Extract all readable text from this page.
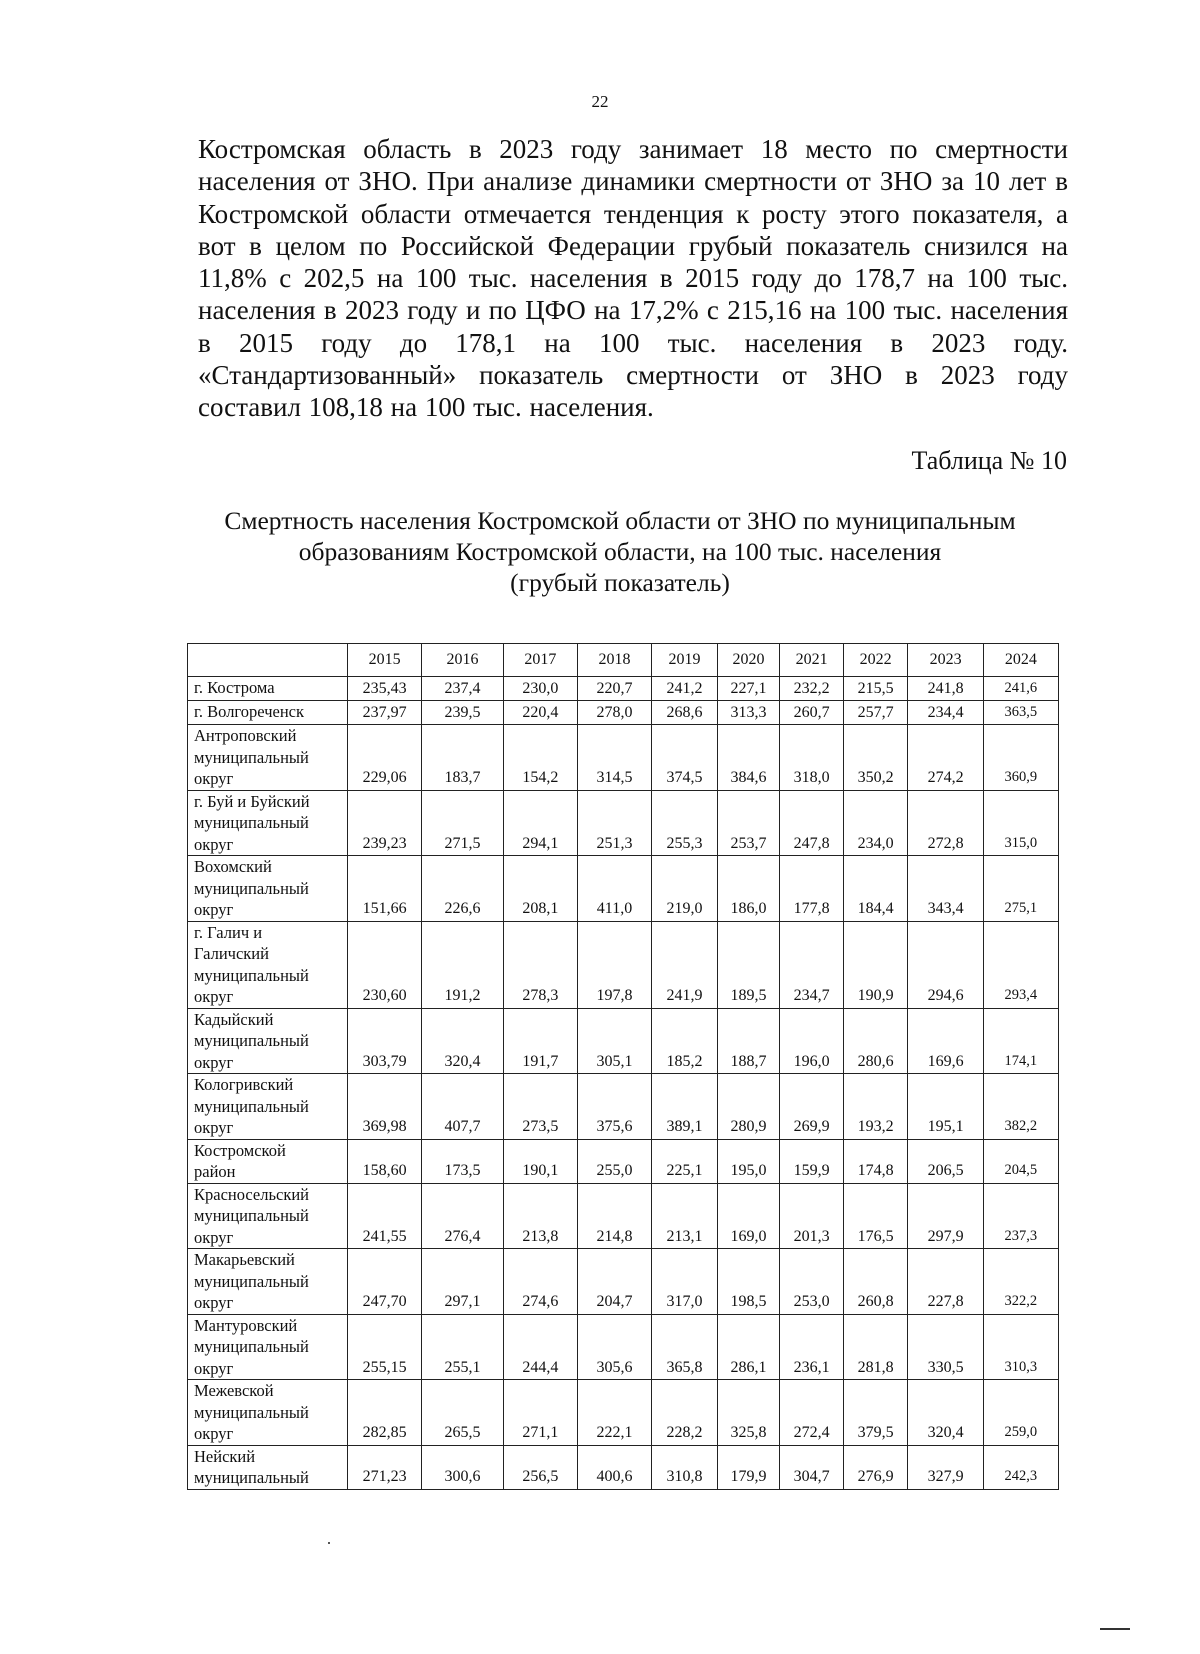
22

Костромская область в 2023 году занимает 18 место по смертности населения от ЗНО. При анализе динамики смертности от ЗНО за 10 лет в Костромской области отмечается тенденция к росту этого показателя, а вот в целом по Российской Федерации грубый показатель снизился на 11,8% с 202,5 на 100 тыс. населения в 2015 году до 178,7 на 100 тыс. населения в 2023 году и по ЦФО на 17,2% с 215,16 на 100 тыс. населения в 2015 году до 178,1 на 100 тыс. населения в 2023 году. «Стандартизованный» показатель смертности от ЗНО в 2023 году составил 108,18 на 100 тыс. населения.

Таблица № 10
Смертность населения Костромской области от ЗНО по муниципальным
образованиям Костромской области, на 100 тыс. населения
(грубый показатель)
	2015	2016	2017	2018	2019	2020	2021	2022	2023	2024
г. Кострома	235,43	237,4	230,0	220,7	241,2	227,1	232,2	215,5	241,8	241,6
г. Волгореченск	237,97	239,5	220,4	278,0	268,6	313,3	260,7	257,7	234,4	363,5
Антроповский
муниципальный
округ	229,06	183,7	154,2	314,5	374,5	384,6	318,0	350,2	274,2	360,9
г. Буй и Буйский
муниципальный
округ	239,23	271,5	294,1	251,3	255,3	253,7	247,8	234,0	272,8	315,0
Вохомский
муниципальный
округ	151,66	226,6	208,1	411,0	219,0	186,0	177,8	184,4	343,4	275,1
г. Галич и
Галичский
муниципальный
округ	230,60	191,2	278,3	197,8	241,9	189,5	234,7	190,9	294,6	293,4
Кадыйский
муниципальный
округ	303,79	320,4	191,7	305,1	185,2	188,7	196,0	280,6	169,6	174,1
Кологривский
муниципальный
округ	369,98	407,7	273,5	375,6	389,1	280,9	269,9	193,2	195,1	382,2
Костромской
район	158,60	173,5	190,1	255,0	225,1	195,0	159,9	174,8	206,5	204,5
Красносельский
муниципальный
округ	241,55	276,4	213,8	214,8	213,1	169,0	201,3	176,5	297,9	237,3
Макарьевский
муниципальный
округ	247,70	297,1	274,6	204,7	317,0	198,5	253,0	260,8	227,8	322,2
Мантуровский
муниципальный
округ	255,15	255,1	244,4	305,6	365,8	286,1	236,1	281,8	330,5	310,3
Межевской
муниципальный
округ	282,85	265,5	271,1	222,1	228,2	325,8	272,4	379,5	320,4	259,0
Нейский
муниципальный	271,23	300,6	256,5	400,6	310,8	179,9	304,7	276,9	327,9	242,3
